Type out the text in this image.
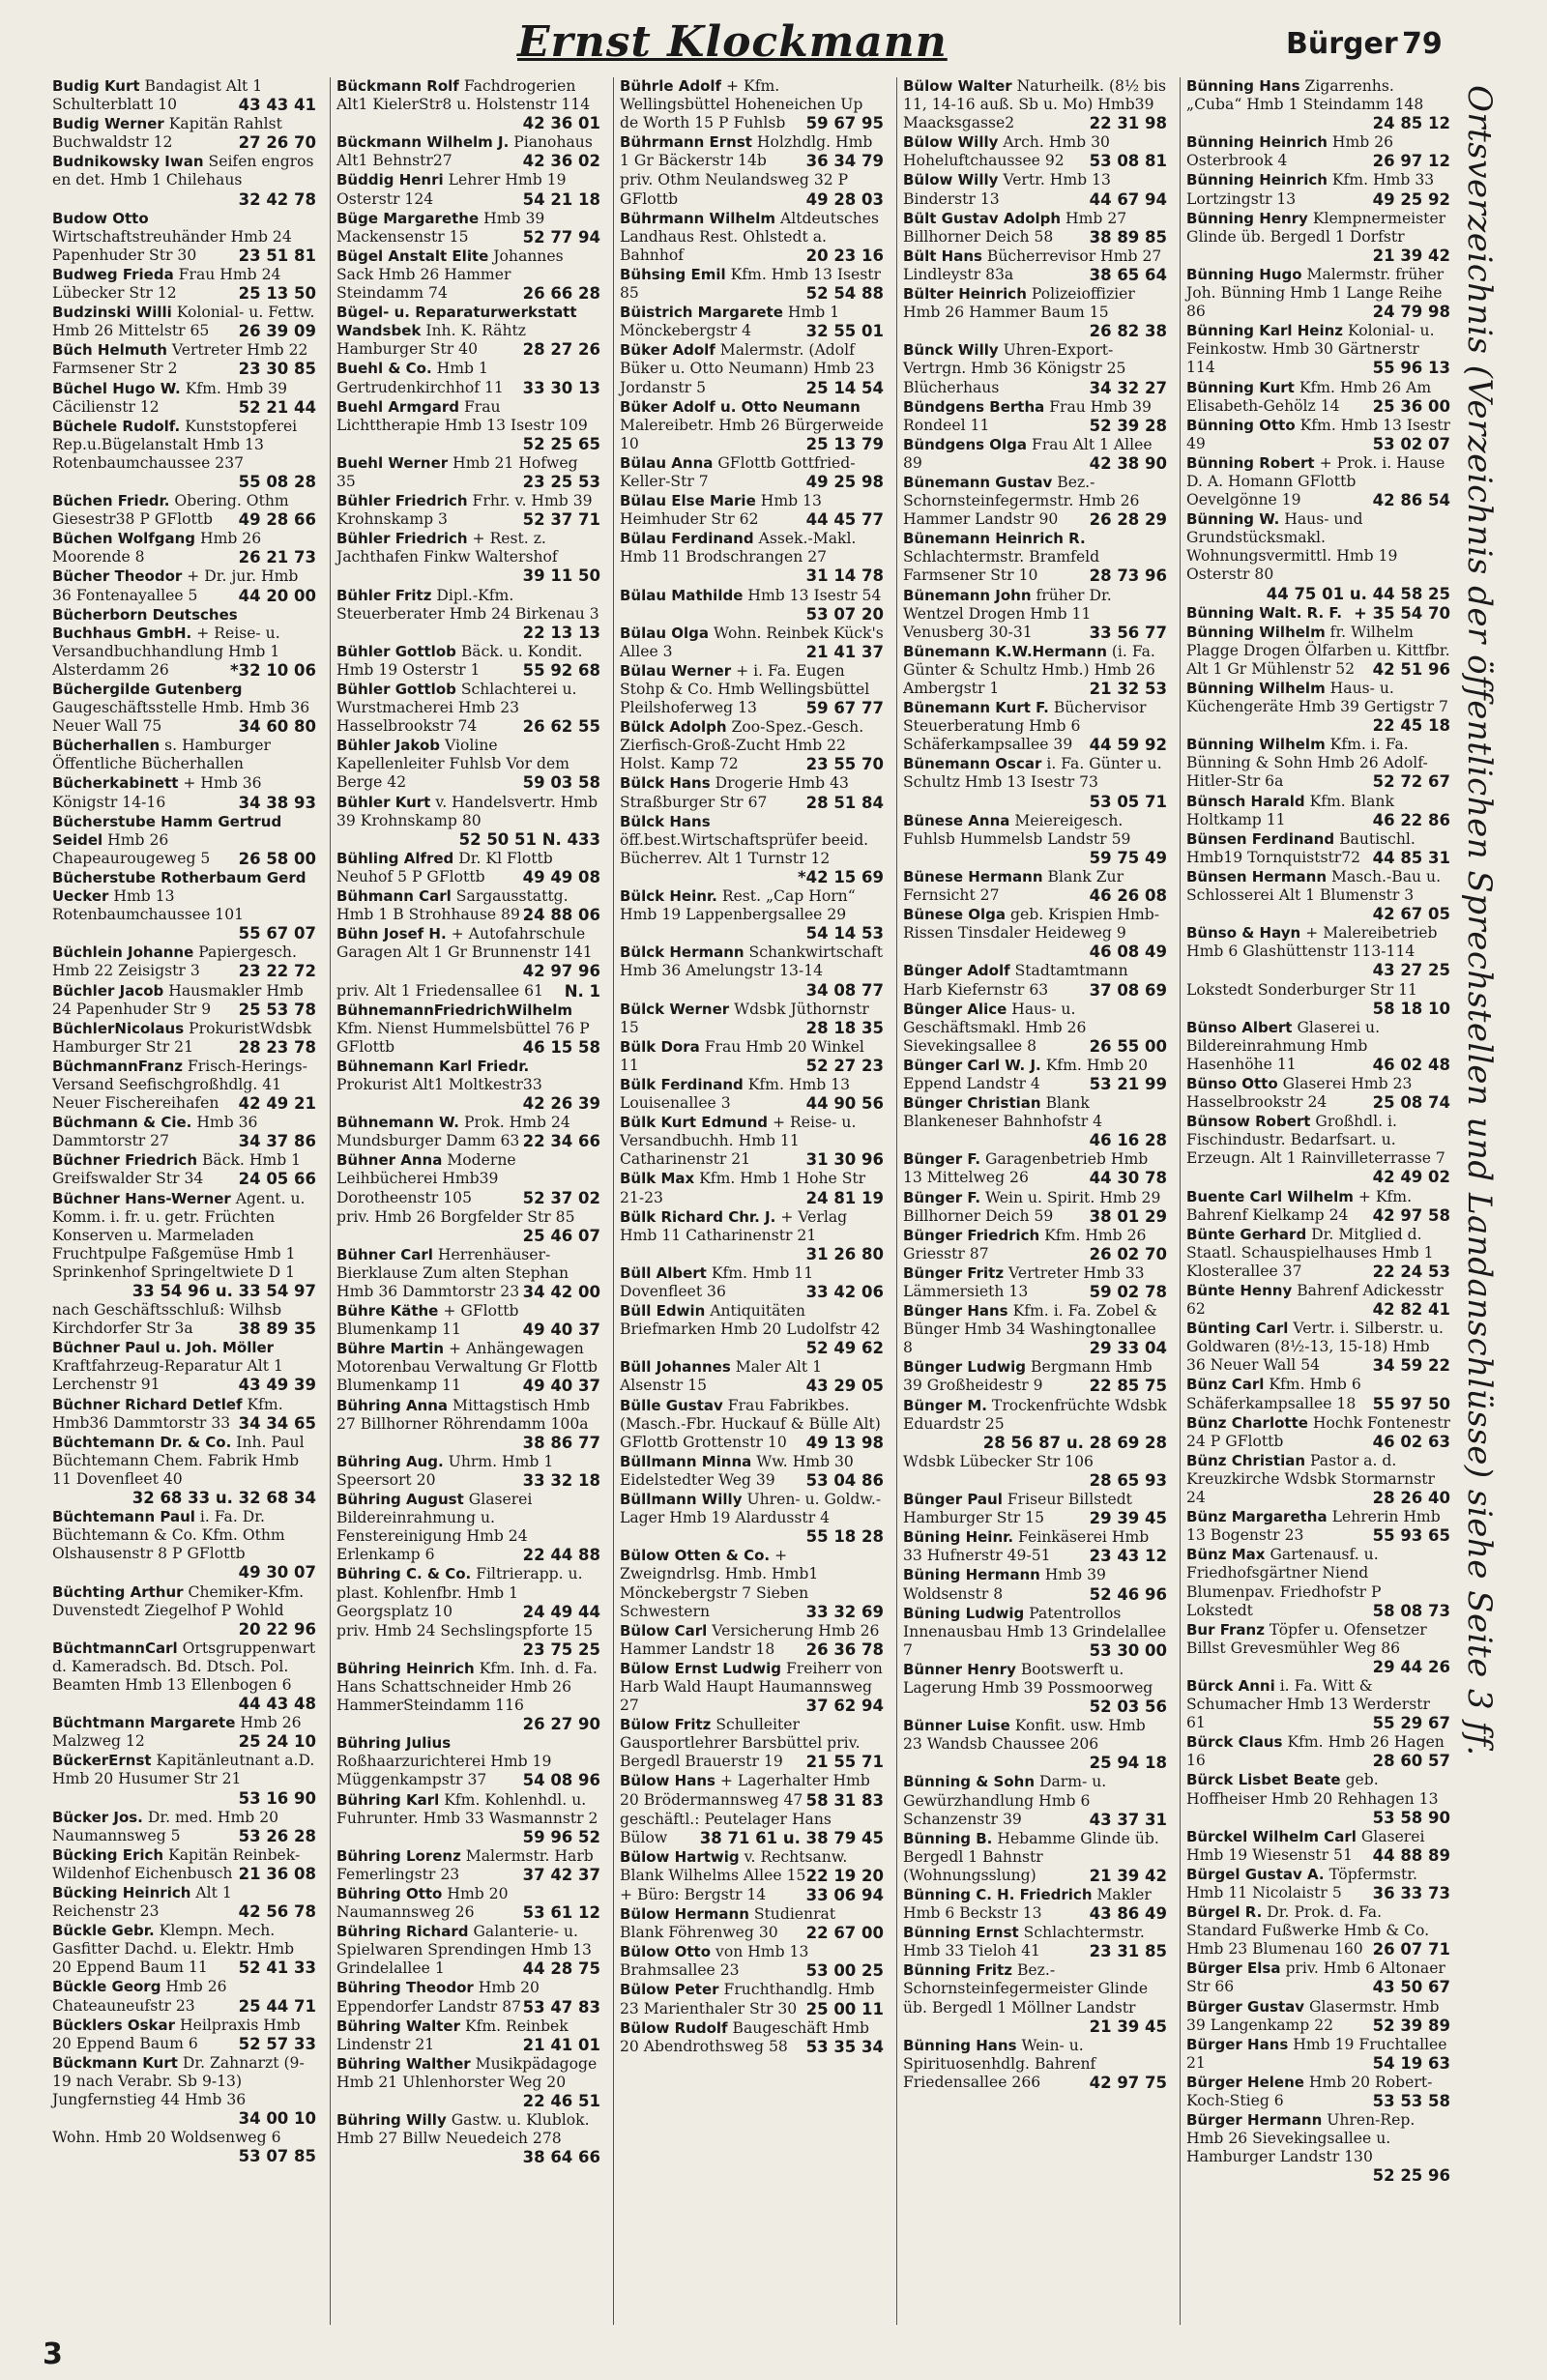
Ernst Klockmann	Bürger 79
Budig Kurt Bandagist Alt 1 Schulterblatt 10	43 43 41
Budig Werner Kapitän Rahlst Buchwaldstr 12	27 26 70
Budnikowsky Iwan Seifen engros en det. Hmb 1 Chilehaus
32 42 78
Budow Otto Wirtschaftstreuhänder Hmb 24 Papenhuder Str 30	23 51 81
Budweg Frieda Frau Hmb 24 Lübecker Str 12	25 13 50
Budzinski Willi Kolonial- u. Fettw. Hmb 26 Mittelstr 65 26 39 09
Büch Helmuth Vertreter Hmb 22 Farmsener Str 2	23 30 85
Büchel Hugo W. Kfm. Hmb 39 Cäcilienstr 12	52 21 44
Büchele Rudolf. Kunststopferei Rep.u.Bügelanstalt Hmb 13 Rotenbaumchaussee 237
55 08 28
Büchen Friedr. Obering. Othm Giesestr38 P GFlottb 49 28 66
Büchen Wolfgang Hmb 26 Moorende 8	26 21 73
Bücher Theodor + Dr. jur. Hmb 36 Fontenayallee 5	44 20 00
Bücherborn Deutsches Buchhaus GmbH. + Reise- u. Versandbuchhandlung Hmb 1 Alsterdamm 26	*32 10 06
Büchergilde Gutenberg Gaugeschäftsstelle Hmb. Hmb 36 Neuer Wall 75	34 60 80
Bücherhallen s. Hamburger Öffentliche Bücherhallen
Bücherkabinett + Hmb 36 Königstr 14-16	34 38 93
Bücherstube Hamm Gertrud Seidel Hmb 26 Chapeaurougeweg 5 26 58 00
Bücherstube Rotherbaum Gerd Uecker Hmb 13 Rotenbaumchaussee 101
55 67 07
Büchlein Johanne Papiergesch. Hmb 22 Zeisigstr 3 23 22 72
Büchler Jacob Hausmakler Hmb 24 Papenhuder Str 9 25 53 78
BüchlerNicolaus ProkuristWdsbk Hamburger Str 21	28 23 78
BüchmannFranz Frisch-Herings-Versand Seefischgroßhdlg. 41 Neuer Fischereihafen 42 49 21
Büchmann & Cie. Hmb 36 Dammtorstr 27	34 37 86
Büchner Friedrich Bäck. Hmb 1 Greifswalder Str 34 24 05 66
Büchner Hans-Werner Agent. u. Komm. i. fr. u. getr. Früchten Konserven u. Marmeladen Fruchtpulpe Faßgemüse Hmb 1 Sprinkenhof Springeltwiete D 1
33 54 96 u. 33 54 97
nach Geschäftsschluß: Wilhsb Kirchdorfer Str 3a	38 89 35
Büchner Paul u. Joh. Möller Kraftfahrzeug-Reparatur Alt 1 Lerchenstr 91	43 49 39
Büchner Richard Detlef Kfm. Hmb36 Dammtorstr 33 34 34 65
Büchtemann Dr. & Co. Inh. Paul Büchtemann Chem. Fabrik Hmb 11 Dovenfleet 40
32 68 33 u. 32 68 34
Büchtemann Paul i. Fa. Dr. Büchtemann & Co. Kfm. Othm Olshausenstr 8 P GFlottb
49 30 07
Büchting Arthur Chemiker-Kfm. Duvenstedt Ziegelhof P Wohld
20 22 96
BüchtmannCarl Ortsgruppenwart d. Kameradsch. Bd. Dtsch. Pol. Beamten Hmb 13 Ellenbogen 6
44 43 48
Büchtmann Margarete Hmb 26 Malzweg 12	25 24 10
BückerErnst Kapitänleutnant a.D. Hmb 20 Husumer Str 21
53 16 90
Bücker Jos. Dr. med. Hmb 20 Naumannsweg 5	53 26 28
Bücking Erich Kapitän Reinbek-Wildenhof Eichenbusch 21 36 08
Bücking Heinrich Alt 1 Reichenstr 23	42 56 78
Bückle Gebr. Klempn. Mech. Gasfitter Dachd. u. Elektr. Hmb 20 Eppend Baum 11 52 41 33
Bückle Georg Hmb 26 Chateauneufstr 23	25 44 71
Bücklers Oskar Heilpraxis Hmb 20 Eppend Baum 6	52 57 33
Bückmann Kurt Dr. Zahnarzt (9-19 nach Verabr. Sb 9-13) Jungfernstieg 44 Hmb 36
34 00 10
Wohn. Hmb 20 Woldsenweg 6
53 07 85
Bückmann Rolf Fachdrogerien Alt1 KielerStr8 u. Holstenstr 114
42 36 01
Bückmann Wilhelm J. Pianohaus Alt1 Behnstr27	42 36 02
Büddig Henri Lehrer Hmb 19 Osterstr 124	54 21 18
Büge Margarethe Hmb 39 Mackensenstr 15	52 77 94
Bügel Anstalt Elite Johannes Sack Hmb 26 Hammer Steindamm 74	26 66 28
Bügel- u. Reparaturwerkstatt Wandsbek Inh. K. Rähtz Hamburger Str 40	28 27 26
Buehl & Co. Hmb 1 Gertrudenkirchhof 11 33 30 13
Buehl Armgard Frau Lichttherapie Hmb 13 Isestr 109
52 25 65
Buehl Werner Hmb 21 Hofweg 35	23 25 53
Bühler Friedrich Frhr. v. Hmb 39 Krohnskamp 3	52 37 71
Bühler Friedrich + Rest. z. Jachthafen Finkw Waltershof
39 11 50
Bühler Fritz Dipl.-Kfm. Steuerberater Hmb 24 Birkenau 3
22 13 13
Bühler Gottlob Bäck. u. Kondit. Hmb 19 Osterstr 1	55 92 68
Bühler Gottlob Schlachterei u. Wurstmacherei Hmb 23 Hasselbrookstr 74	26 62 55
Bühler Jakob Violine Kapellenleiter Fuhlsb Vor dem Berge 42	59 03 58
Bühler Kurt v. Handelsvertr. Hmb 39 Krohnskamp 80
52 50 51 N. 433
Bühling Alfred Dr. Kl Flottb Neuhof 5 P GFlottb 49 49 08
Bühmann Carl Sargausstattg. Hmb 1 B Strohhause 89 24 88 06
Bühn Josef H. + Autofahrschule Garagen Alt 1 Gr Brunnenstr 141
42 97 96
priv. Alt 1 Friedensallee 61 N. 1
BühnemannFriedrichWilhelm Kfm. Nienst Hummelsbüttel 76 P GFlottb	46 15 58
Bühnemann Karl Friedr. Prokurist Alt1 Moltkestr33
42 26 39
Bühnemann W. Prok. Hmb 24 Mundsburger Damm 63 22 34 66
Bühner Anna Moderne Leihbücherei Hmb39 Dorotheenstr 105	52 37 02
priv. Hmb 26 Borgfelder Str 85
25 46 07
Bühner Carl Herrenhäuser-Bierklause Zum alten Stephan Hmb 36 Dammtorstr 23 34 42 00
Bühre Käthe + GFlottb Blumenkamp 11	49 40 37
Bühre Martin + Anhängewagen Motorenbau Verwaltung Gr Flottb Blumenkamp 11	49 40 37
Bühring Anna Mittagstisch Hmb 27 Billhorner Röhrendamm 100a
38 86 77
Bühring Aug. Uhrm. Hmb 1 Speersort 20	33 32 18
Bühring August Glaserei Bildereinrahmung u. Fenstereinigung Hmb 24 Erlenkamp 6	22 44 88
Bühring C. & Co. Filtrierapp. u. plast. Kohlenfbr. Hmb 1 Georgsplatz 10	24 49 44
priv. Hmb 24 Sechslingspforte 15
23 75 25
Bühring Heinrich Kfm. Inh. d. Fa. Hans Schattschneider Hmb 26 HammerSteindamm 116
26 27 90
Bühring Julius Roßhaarzurichterei Hmb 19 Müggenkampstr 37 54 08 96
Bühring Karl Kfm. Kohlenhdl. u. Fuhrunter. Hmb 33 Wasmannstr 2
59 96 52
Bühring Lorenz Malermstr. Harb Femerlingstr 23	37 42 37
Bühring Otto Hmb 20 Naumannsweg 26	53 61 12
Bühring Richard Galanterie- u. Spielwaren Sprendingen Hmb 13 Grindelallee 1	44 28 75
Bühring Theodor Hmb 20 Eppendorfer Landstr 87 53 47 83
Bühring Walter Kfm. Reinbek Lindenstr 21	21 41 01
Bühring Walther Musikpädagoge Hmb 21 Uhlenhorster Weg 20
22 46 51
Bühring Willy Gastw. u. Klublok. Hmb 27 Billw Neuedeich 278
38 64 66
Bührle Adolf + Kfm. Wellingsbüttel Hoheneichen Up de Worth 15 P Fuhlsb 59 67 95
Bührmann Ernst Holzhdlg. Hmb 1 Gr Bäckerstr 14b 36 34 79
priv. Othm Neulandsweg 32 P GFlottb	49 28 03
Bührmann Wilhelm Altdeutsches Landhaus Rest. Ohlstedt a. Bahnhof	20 23 16
Bühsing Emil Kfm. Hmb 13 Isestr 85	52 54 88
Büistrich Margarete Hmb 1 Mönckebergstr 4	32 55 01
Büker Adolf Malermstr. (Adolf Büker u. Otto Neumann) Hmb 23 Jordanstr 5	25 14 54
Büker Adolf u. Otto Neumann Malereibetr. Hmb 26 Bürgerweide 10	25 13 79
Bülau Anna GFlottb Gottfried-Keller-Str 7	49 25 98
Bülau Else Marie Hmb 13 Heimhuder Str 62	44 45 77
Bülau Ferdinand Assek.-Makl. Hmb 11 Brodschrangen 27
31 14 78
Bülau Mathilde Hmb 13 Isestr 54
53 07 20
Bülau Olga Wohn. Reinbek Kück's Allee 3	21 41 37
Bülau Werner + i. Fa. Eugen Stohp & Co. Hmb Wellingsbüttel Pleilshoferweg 13	59 67 77
Bülck Adolph Zoo-Spez.-Gesch. Zierfisch-Groß-Zucht Hmb 22 Holst. Kamp 72	23 55 70
Bülck Hans Drogerie Hmb 43 Straßburger Str 67 28 51 84
Bülck Hans öff.best.Wirtschaftsprüfer beeid. Bücherrev. Alt 1 Turnstr 12
*42 15 69
Bülck Heinr. Rest. „Cap Horn“ Hmb 19 Lappenbergsallee 29
54 14 53
Bülck Hermann Schankwirtschaft Hmb 36 Amelungstr 13-14
34 08 77
Bülck Werner Wdsbk Jüthornstr 15	28 18 35
Bülk Dora Frau Hmb 20 Winkel 11	52 27 23
Bülk Ferdinand Kfm. Hmb 13 Louisenallee 3	44 90 56
Bülk Kurt Edmund + Reise- u. Versandbuchh. Hmb 11 Catharinenstr 21	31 30 96
Bülk Max Kfm. Hmb 1 Hohe Str 21-23	24 81 19
Bülk Richard Chr. J. + Verlag Hmb 11 Catharinenstr 21
31 26 80
Büll Albert Kfm. Hmb 11 Dovenfleet 36	33 42 06
Büll Edwin Antiquitäten Briefmarken Hmb 20 Ludolfstr 42
52 49 62
Büll Johannes Maler Alt 1 Alsenstr 15	43 29 05
Bülle Gustav Frau Fabrikbes. (Masch.-Fbr. Huckauf & Bülle Alt) GFlottb Grottenstr 10 49 13 98
Büllmann Minna Ww. Hmb 30 Eidelstedter Weg 39 53 04 86
Büllmann Willy Uhren- u. Goldw.-Lager Hmb 19 Alardusstr 4
55 18 28
Bülow Otten & Co. + Zweigndrlsg. Hmb. Hmb1 Mönckebergstr 7 Sieben Schwestern	33 32 69
Bülow Carl Versicherung Hmb 26 Hammer Landstr 18 26 36 78
Bülow Ernst Ludwig Freiherr von Harb Wald Haupt Haumannsweg 27	37 62 94
Bülow Fritz Schulleiter Gausportlehrer Barsbüttel priv. Bergedl Brauerstr 19 21 55 71
Bülow Hans + Lagerhalter Hmb 20 Brödermannsweg 47 58 31 83
geschäftl.: Peutelager Hans Bülow 38 71 61 u. 38 79 45
Bülow Hartwig v. Rechtsanw. Blank Wilhelms Allee 15 22 19 20
+ Büro: Bergstr 14	33 06 94
Bülow Hermann Studienrat Blank Föhrenweg 30 22 67 00
Bülow Otto von Hmb 13 Brahmsallee 23	53 00 25
Bülow Peter Fruchthandlg. Hmb 23 Marienthaler Str 30 25 00 11
Bülow Rudolf Baugeschäft Hmb 20 Abendrothsweg 58 53 35 34
Bülow Walter Naturheilk. (8½ bis 11, 14-16 auß. Sb u. Mo) Hmb39 Maacksgasse2	22 31 98
Bülow Willy Arch. Hmb 30 Hoheluftchaussee 92 53 08 81
Bülow Willy Vertr. Hmb 13 Binderstr 13	44 67 94
Bült Gustav Adolph Hmb 27 Billhorner Deich 58 38 89 85
Bült Hans Bücherrevisor Hmb 27 Lindleystr 83a	38 65 64
Bülter Heinrich Polizeioffizier Hmb 26 Hammer Baum 15
26 82 38
Bünck Willy Uhren-Export-Vertrgn. Hmb 36 Königstr 25 Blücherhaus	34 32 27
Bündgens Bertha Frau Hmb 39 Rondeel 11	52 39 28
Bündgens Olga Frau Alt 1 Allee 89	42 38 90
Bünemann Gustav Bez.-Schornsteinfegermstr. Hmb 26 Hammer Landstr 90 26 28 29
Bünemann Heinrich R. Schlachtermstr. Bramfeld Farmsener Str 10	28 73 96
Bünemann John früher Dr. Wentzel Drogen Hmb 11 Venusberg 30-31	33 56 77
Bünemann K.W.Hermann (i. Fa. Günter & Schultz Hmb.) Hmb 26 Ambergstr 1	21 32 53
Bünemann Kurt F. Büchervisor Steuerberatung Hmb 6 Schäferkampsallee 39 44 59 92
Bünemann Oscar i. Fa. Günter u. Schultz Hmb 13 Isestr 73
53 05 71
Bünese Anna Meiereigesch. Fuhlsb Hummelsb Landstr 59
59 75 49
Bünese Hermann Blank Zur Fernsicht 27	46 26 08
Bünese Olga geb. Krispien Hmb-Rissen Tinsdaler Heideweg 9
46 08 49
Bünger Adolf Stadtamtmann Harb Kiefernstr 63	37 08 69
Bünger Alice Haus- u. Geschäftsmakl. Hmb 26 Sievekingsallee 8	26 55 00
Bünger Carl W. J. Kfm. Hmb 20 Eppend Landstr 4	53 21 99
Bünger Christian Blank Blankeneser Bahnhofstr 4
46 16 28
Bünger F. Garagenbetrieb Hmb 13 Mittelweg 26	44 30 78
Bünger F. Wein u. Spirit. Hmb 29 Billhorner Deich 59 38 01 29
Bünger Friedrich Kfm. Hmb 26 Griesstr 87	26 02 70
Bünger Fritz Vertreter Hmb 33 Lämmersieth 13	59 02 78
Bünger Hans Kfm. i. Fa. Zobel & Bünger Hmb 34 Washingtonallee 8	29 33 04
Bünger Ludwig Bergmann Hmb 39 Großheidestr 9	22 85 75
Bünger M. Trockenfrüchte Wdsbk Eduardstr 25
28 56 87 u. 28 69 28
Wdsbk Lübecker Str 106
28 65 93
Bünger Paul Friseur Billstedt Hamburger Str 15	29 39 45
Büning Heinr. Feinkäserei Hmb 33 Hufnerstr 49-51 23 43 12
Büning Hermann Hmb 39 Woldsenstr 8	52 46 96
Büning Ludwig Patentrollos Innenausbau Hmb 13 Grindelallee 7	53 30 00
Bünner Henry Bootswerft u. Lagerung Hmb 39 Possmoorweg
52 03 56
Bünner Luise Konfit. usw. Hmb 23 Wandsb Chaussee 206
25 94 18
Bünning & Sohn Darm- u. Gewürzhandlung Hmb 6 Schanzenstr 39	43 37 31
Bünning B. Hebamme Glinde üb. Bergedl 1 Bahnstr (Wohnungsslung)	21 39 42
Bünning C. H. Friedrich Makler Hmb 6 Beckstr 13	43 86 49
Bünning Ernst Schlachtermstr. Hmb 33 Tieloh 41	23 31 85
Bünning Fritz Bez.-Schornsteinfegermeister Glinde üb. Bergedl 1 Möllner Landstr
21 39 45
Bünning Hans Wein- u. Spirituosenhdlg. Bahrenf Friedensallee 266	42 97 75
Bünning Hans Zigarrenhs. „Cuba“ Hmb 1 Steindamm 148
24 85 12
Bünning Heinrich Hmb 26 Osterbrook 4	26 97 12
Bünning Heinrich Kfm. Hmb 33 Lortzingstr 13	49 25 92
Bünning Henry Klempnermeister Glinde üb. Bergedl 1 Dorfstr
21 39 42
Bünning Hugo Malermstr. früher Joh. Bünning Hmb 1 Lange Reihe 86	24 79 98
Bünning Karl Heinz Kolonial- u. Feinkostw. Hmb 30 Gärtnerstr 114	55 96 13
Bünning Kurt Kfm. Hmb 26 Am Elisabeth-Gehölz 14 25 36 00
Bünning Otto Kfm. Hmb 13 Isestr 49	53 02 07
Bünning Robert + Prok. i. Hause D. A. Homann GFlottb Oevelgönne 19	42 86 54
Bünning W. Haus- und Grundstücksmakl. Wohnungsvermittl. Hmb 19 Osterstr 80
44 75 01 u. 44 58 25
Bünning Walt. R. F. + 35 54 70
Bünning Wilhelm fr. Wilhelm Plagge Drogen Ölfarben u. Kittfbr. Alt 1 Gr Mühlenstr 52 42 51 96
Bünning Wilhelm Haus- u. Küchengeräte Hmb 39 Gertigstr 7
22 45 18
Bünning Wilhelm Kfm. i. Fa. Bünning & Sohn Hmb 26 Adolf-Hitler-Str 6a	52 72 67
Bünsch Harald Kfm. Blank Holtkamp 11	46 22 86
Bünsen Ferdinand Bautischl. Hmb19 Tornquiststr72 44 85 31
Bünsen Hermann Masch.-Bau u. Schlosserei Alt 1 Blumenstr 3
42 67 05
Bünso & Hayn + Malereibetrieb Hmb 6 Glashüttenstr 113-114
43 27 25
Lokstedt Sonderburger Str 11
58 18 10
Bünso Albert Glaserei u. Bildereinrahmung Hmb Hasenhöhe 11	46 02 48
Bünso Otto Glaserei Hmb 23 Hasselbrookstr 24	25 08 74
Bünsow Robert Großhdl. i. Fischindustr. Bedarfsart. u. Erzeugn. Alt 1 Rainvilleterrasse 7
42 49 02
Buente Carl Wilhelm + Kfm. Bahrenf Kielkamp 24 42 97 58
Bünte Gerhard Dr. Mitglied d. Staatl. Schauspielhauses Hmb 1 Klosterallee 37	22 24 53
Bünte Henny Bahrenf Adickesstr 62	42 82 41
Bünting Carl Vertr. i. Silberstr. u. Goldwaren (8½-13, 15-18) Hmb 36 Neuer Wall 54	34 59 22
Bünz Carl Kfm. Hmb 6 Schäferkampsallee 18 55 97 50
Bünz Charlotte Hochk Fontenestr 24 P GFlottb	46 02 63
Bünz Christian Pastor a. d. Kreuzkirche Wdsbk Stormarnstr 24	28 26 40
Bünz Margaretha Lehrerin Hmb 13 Bogenstr 23	55 93 65
Bünz Max Gartenausf. u. Friedhofsgärtner Niend Blumenpav. Friedhofstr P Lokstedt	58 08 73
Bur Franz Töpfer u. Ofensetzer Billst Grevesmühler Weg 86
29 44 26
Bürck Anni i. Fa. Witt & Schumacher Hmb 13 Werderstr 61	55 29 67
Bürck Claus Kfm. Hmb 26 Hagen 16	28 60 57
Bürck Lisbet Beate geb. Hoffheiser Hmb 20 Rehhagen 13
53 58 90
Bürckel Wilhelm Carl Glaserei Hmb 19 Wiesenstr 51 44 88 89
Bürgel Gustav A. Töpfermstr. Hmb 11 Nicolaistr 5 36 33 73
Bürgel R. Dr. Prok. d. Fa. Standard Fußwerke Hmb & Co. Hmb 23 Blumenau 160 26 07 71
Bürger Elsa priv. Hmb 6 Altonaer Str 66	43 50 67
Bürger Gustav Glasermstr. Hmb 39 Langenkamp 22 52 39 89
Bürger Hans Hmb 19 Fruchtallee 21	54 19 63
Bürger Helene Hmb 20 Robert-Koch-Stieg 6	53 53 58
Bürger Hermann Uhren-Rep. Hmb 26 Sievekingsallee u. Hamburger Landstr 130
52 25 96
Ortsverzeichnis (Verzeichnis der öffentlichen Sprechstellen und Landanschlüsse) siehe Seite 3 ff.
3
